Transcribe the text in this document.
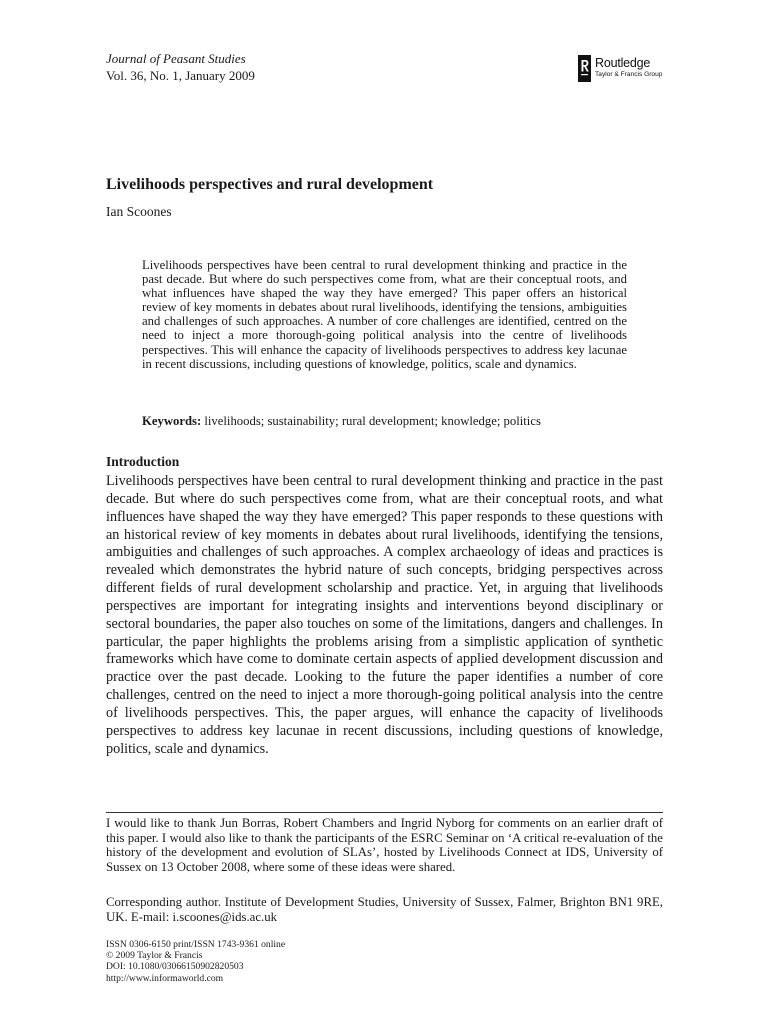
Journal of Peasant Studies
Vol. 36, No. 1, January 2009
Routledge
Taylor & Francis Group
Livelihoods perspectives and rural development
Ian Scoones

Livelihoods perspectives have been central to rural development thinking and practice in the past decade. But where do such perspectives come from, what are their conceptual roots, and what influences have shaped the way they have emerged? This paper offers an historical review of key moments in debates about rural livelihoods, identifying the tensions, ambiguities and challenges of such approaches. A number of core challenges are identified, centred on the need to inject a more thorough-going political analysis into the centre of livelihoods perspectives. This will enhance the capacity of livelihoods perspectives to address key lacunae in recent discussions, including questions of knowledge, politics, scale and dynamics.

Keywords: livelihoods; sustainability; rural development; knowledge; politics
Introduction

Livelihoods perspectives have been central to rural development thinking and practice in the past decade. But where do such perspectives come from, what are their conceptual roots, and what influences have shaped the way they have emerged? This paper responds to these questions with an historical review of key moments in debates about rural livelihoods, identifying the tensions, ambiguities and challenges of such approaches. A complex archaeology of ideas and practices is revealed which demonstrates the hybrid nature of such concepts, bridging perspectives across different fields of rural development scholarship and practice. Yet, in arguing that livelihoods perspectives are important for integrating insights and interventions beyond disciplinary or sectoral boundaries, the paper also touches on some of the limitations, dangers and challenges. In particular, the paper highlights the problems arising from a simplistic application of synthetic frameworks which have come to dominate certain aspects of applied development discussion and practice over the past decade. Looking to the future the paper identifies a number of core challenges, centred on the need to inject a more thorough-going political analysis into the centre of livelihoods perspectives. This, the paper argues, will enhance the capacity of livelihoods perspectives to address key lacunae in recent discussions, including questions of knowledge, politics, scale and dynamics.

I would like to thank Jun Borras, Robert Chambers and Ingrid Nyborg for comments on an earlier draft of this paper. I would also like to thank the participants of the ESRC Seminar on ‘A critical re-evaluation of the history of the development and evolution of SLAs’, hosted by Livelihoods Connect at IDS, University of Sussex on 13 October 2008, where some of these ideas were shared.

Corresponding author. Institute of Development Studies, University of Sussex, Falmer, Brighton BN1 9RE, UK. E-mail: i.scoones@ids.ac.uk

ISSN 0306-6150 print/ISSN 1743-9361 online
© 2009 Taylor & Francis
DOI: 10.1080/03066150902820503
http://www.informaworld.com
